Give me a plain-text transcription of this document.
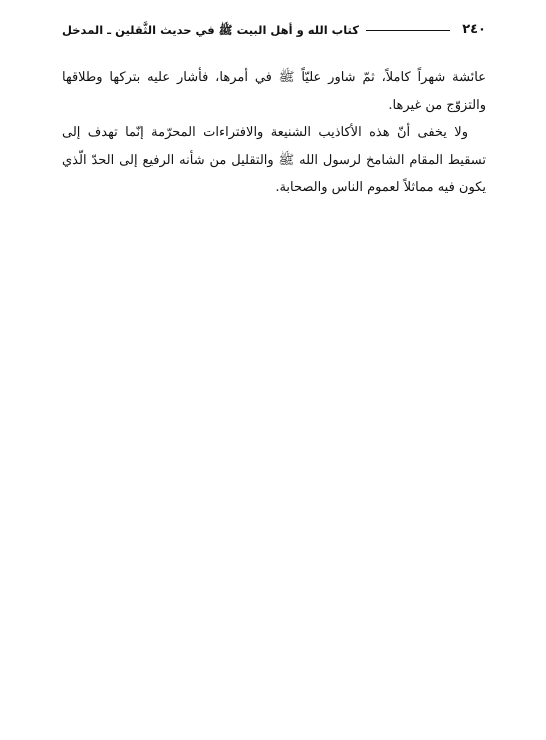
٢٤٠
كتاب الله و أهل البيت ﷺ في حديث الثَّقلين ـ المدخل

عائشة شهراً كاملاً، ثمّ شاور عليّاً ﷺ في أمرها، فأشار عليه بتركها وطلاقها والتزوّج من غيرها.

ولا يخفى أنّ هذه الأكاذيب الشنيعة والافتراءات المحرّمة إنّما تهدف إلى تسقيط المقام الشامخ لرسول الله ﷺ والتقليل من شأنه الرفيع إلى الحدّ الّذي يكون فيه مماثلاً لعموم الناس والصحابة.
